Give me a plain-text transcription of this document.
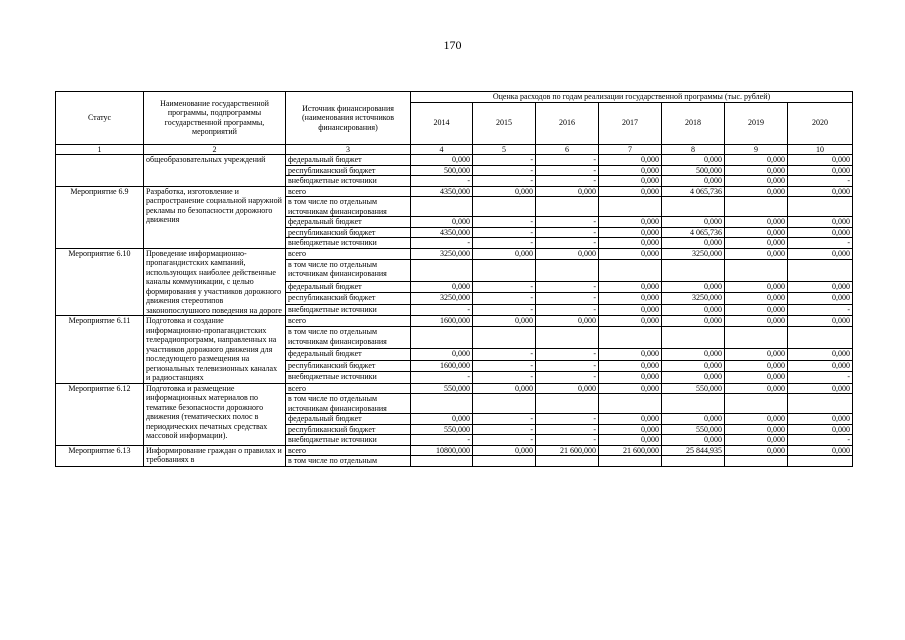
170
Статус	Наименование государственной программы, подпрограммы государственной программы, мероприятий	Источник финансирования (наименования источников финансирования)	Оценка расходов по годам реализации государственной программы (тыс. рублей)						
			2014	2015	2016	2017	2018	2019	2020
1	2	3	4	5	6	7	8	9	10
	общеобразовательных учреждений	федеральный бюджет	0,000	-	-	0,000	0,000	0,000	0,000
		республиканский бюджет	500,000	-	-	0,000	500,000	0,000	0,000
		внебюджетные источники	-	-	-	0,000	0,000	0,000	-
Мероприятие 6.9	Разработка, изготовление и распространение социальной наружной рекламы по безопасности дорожного движения	всего	4350,000	0,000	0,000	0,000	4 065,736	0,000	0,000
		в том числе по отдельным источникам финансирования							
		федеральный бюджет	0,000	-	-	0,000	0,000	0,000	0,000
		республиканский бюджет	4350,000	-	-	0,000	4 065,736	0,000	0,000
		внебюджетные источники	-	-	-	0,000	0,000	0,000	-
Мероприятие 6.10	Проведение информационно-пропагандистских кампаний, использующих наиболее действенные каналы коммуникации, с целью формирования у участников дорожного движения стереотипов законопослушного поведения на дороге	всего	3250,000	0,000	0,000	0,000	3250,000	0,000	0,000
		в том числе по отдельным источникам финансирования							
		федеральный бюджет	0,000	-	-	0,000	0,000	0,000	0,000
		республиканский бюджет	3250,000	-	-	0,000	3250,000	0,000	0,000
		внебюджетные источники	-	-	-	0,000	0,000	0,000	-
Мероприятие 6.11	Подготовка и создание информационно-пропагандистских телерадиопрограмм, направленных на участников дорожного движения для последующего размещения на региональных телевизионных каналах и радиостанциях	всего	1600,000	0,000	0,000	0,000	0,000	0,000	0,000
		в том числе по отдельным источникам финансирования							
		федеральный бюджет	0,000	-	-	0,000	0,000	0,000	0,000
		республиканский бюджет	1600,000	-	-	0,000	0,000	0,000	0,000
		внебюджетные источники	-	-	-	0,000	0,000	0,000	-
Мероприятие 6.12	Подготовка и размещение информационных материалов по тематике безопасности дорожного движения (тематических полос в периодических печатных средствах массовой информации).	всего	550,000	0,000	0,000	0,000	550,000	0,000	0,000
		в том числе по отдельным источникам финансирования							
		федеральный бюджет	0,000	-	-	0,000	0,000	0,000	0,000
		республиканский бюджет	550,000	-	-	0,000	550,000	0,000	0,000
		внебюджетные источники	-	-	-	0,000	0,000	0,000	-
Мероприятие 6.13	Информирование граждан о правилах и требованиях в	всего	10800,000	0,000	21 600,000	21 600,000	25 844,935	0,000	0,000
		в том числе по отдельным							
